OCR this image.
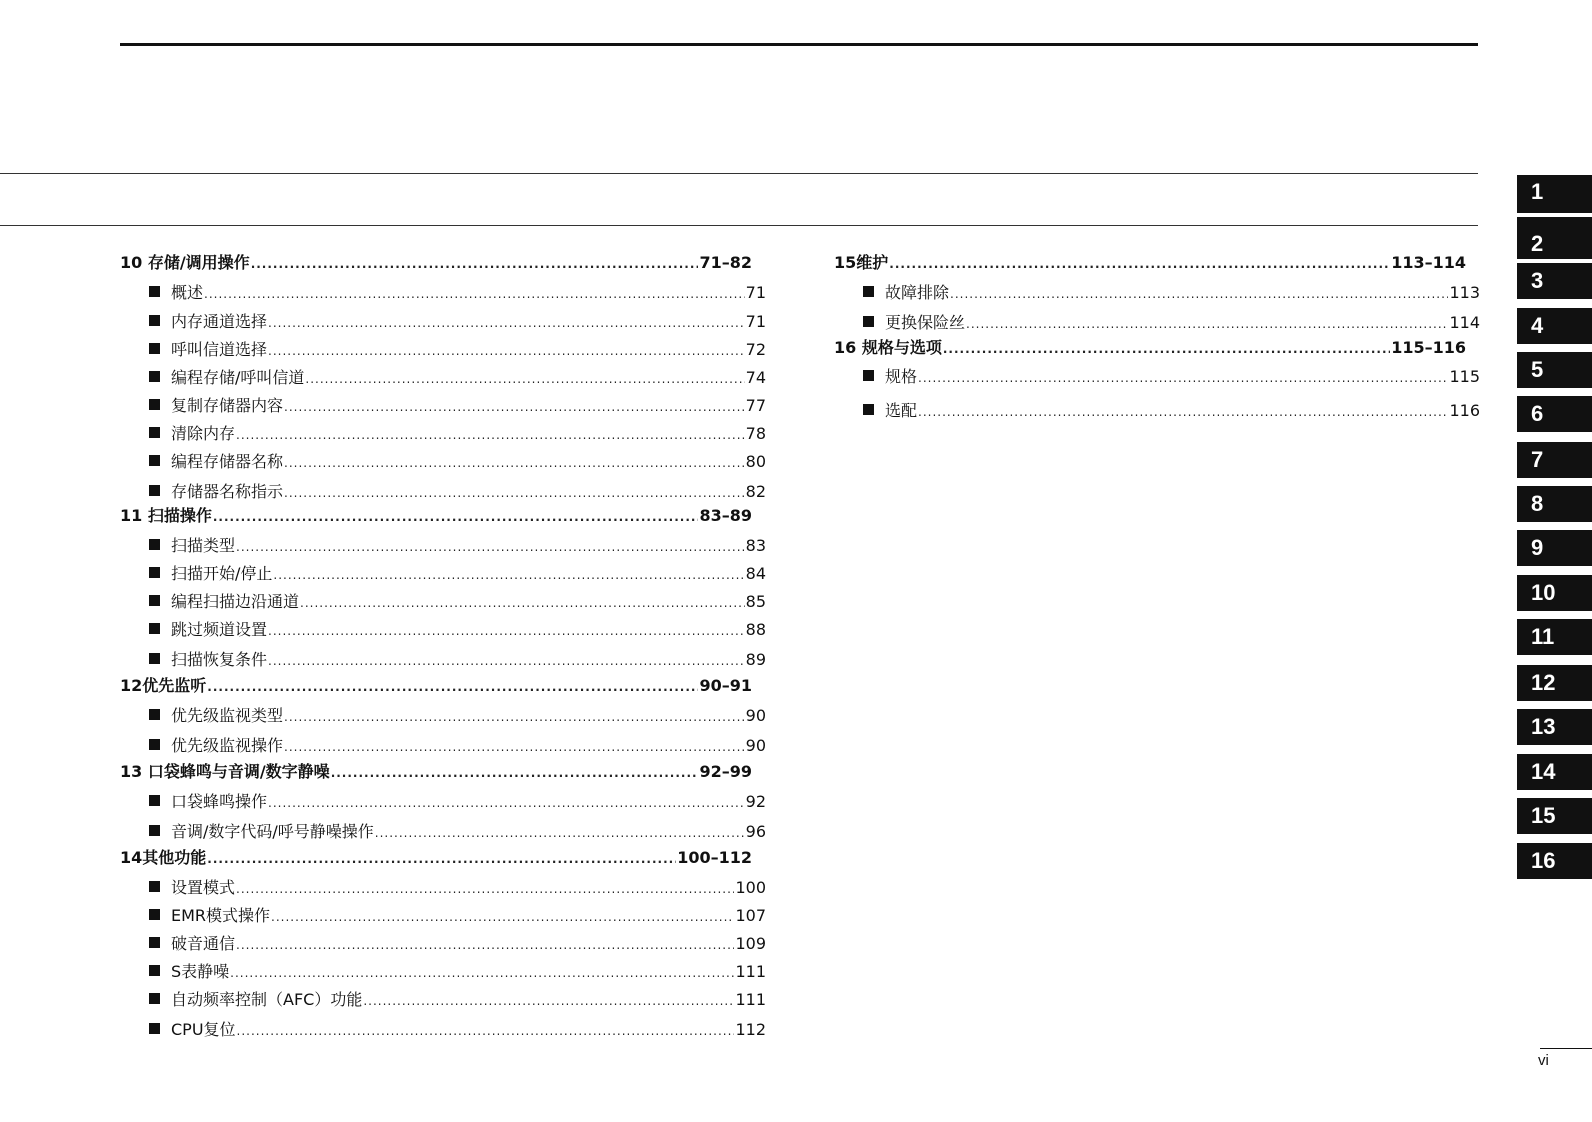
10 存储/调用操作 .....	71–82
概述 .....	71
内存通道选择 .....	71
呼叫信道选择 .....	72
编程存储/呼叫信道 .....	74
复制存储器内容 .....	77
清除内存 .....	78
编程存储器名称 .....	80
存储器名称指示 .....	82
11 扫描操作 .....	83–89
扫描类型 .....	83
扫描开始/停止 .....	84
编程扫描边沿通道 .....	85
跳过频道设置 .....	88
扫描恢复条件 .....	89
12优先监听 .....	90–91
优先级监视类型 .....	90
优先级监视操作 .....	90
13 口袋蜂鸣与音调/数字静噪 .....	92–99
口袋蜂鸣操作 .....	92
音调/数字代码/呼号静噪操作 .....	96
14其他功能 .....	100–112
设置模式 .....	100
EMR模式操作 .....	107
破音通信 .....	109
S表静噪 .....	111
自动频率控制（AFC）功能 .....	111
CPU复位 .....	112
15维护 .....	113–114
故障排除 .....	113
更换保险丝 .....	114
16 规格与选项 .....	115–116
规格 .....	115
选配 .....	116
1
2
3
4
5
6
7
8
9
10
11
12
13
14
15
16
vi
